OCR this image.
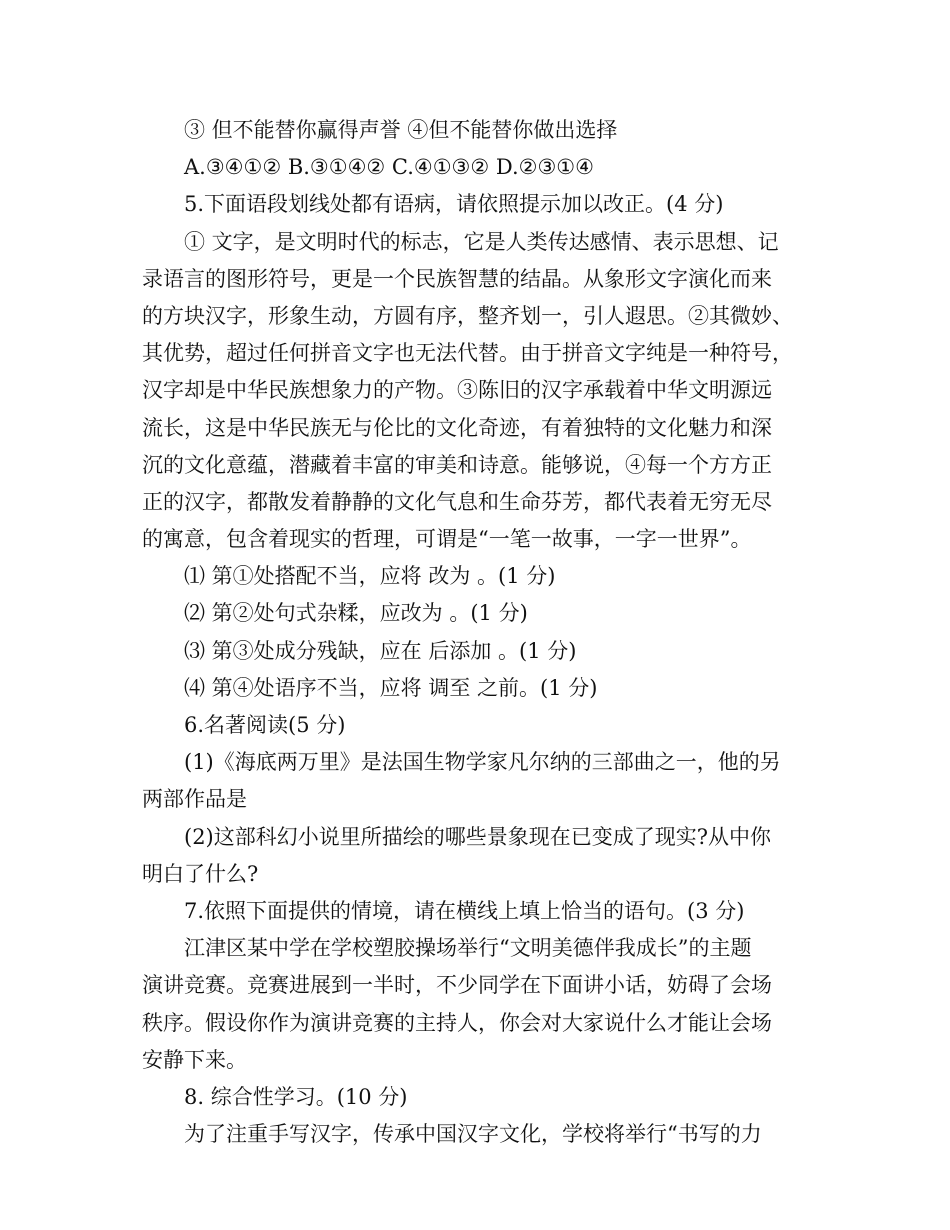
③ 但不能替你赢得声誉 ④但不能替你做出选择
A.③④①② B.③①④② C.④①③② D.②③①④
5.下面语段划线处都有语病，请依照提示加以改正。(4 分)
① 文字，是文明时代的标志，它是人类传达感情、表示思想、记
录语言的图形符号，更是一个民族智慧的结晶。从象形文字演化而来
的方块汉字，形象生动，方圆有序，整齐划一，引人遐思。②其微妙、
其优势，超过任何拼音文字也无法代替。由于拼音文字纯是一种符号，
汉字却是中华民族想象力的产物。③陈旧的汉字承载着中华文明源远
流长，这是中华民族无与伦比的文化奇迹，有着独特的文化魅力和深
沉的文化意蕴，潜藏着丰富的审美和诗意。能够说，④每一个方方正
正的汉字，都散发着静静的文化气息和生命芬芳，都代表着无穷无尽
的寓意，包含着现实的哲理，可谓是“一笔一故事，一字一世界”。
⑴ 第①处搭配不当，应将 改为 。(1 分)
⑵ 第②处句式杂糅，应改为 。(1 分)
⑶ 第③处成分残缺，应在 后添加 。(1 分)
⑷ 第④处语序不当，应将 调至 之前。(1 分)
6.名著阅读(5 分)
(1)《海底两万里》是法国生物学家凡尔纳的三部曲之一，他的另
两部作品是
(2)这部科幻小说里所描绘的哪些景象现在已变成了现实?从中你
明白了什么?
7.依照下面提供的情境，请在横线上填上恰当的语句。(3 分)
江津区某中学在学校塑胶操场举行“文明美德伴我成长”的主题
演讲竞赛。竞赛进展到一半时，不少同学在下面讲小话，妨碍了会场
秩序。假设你作为演讲竞赛的主持人，你会对大家说什么才能让会场
安静下来。
8. 综合性学习。(10 分)
为了注重手写汉字，传承中国汉字文化，学校将举行“书写的力
